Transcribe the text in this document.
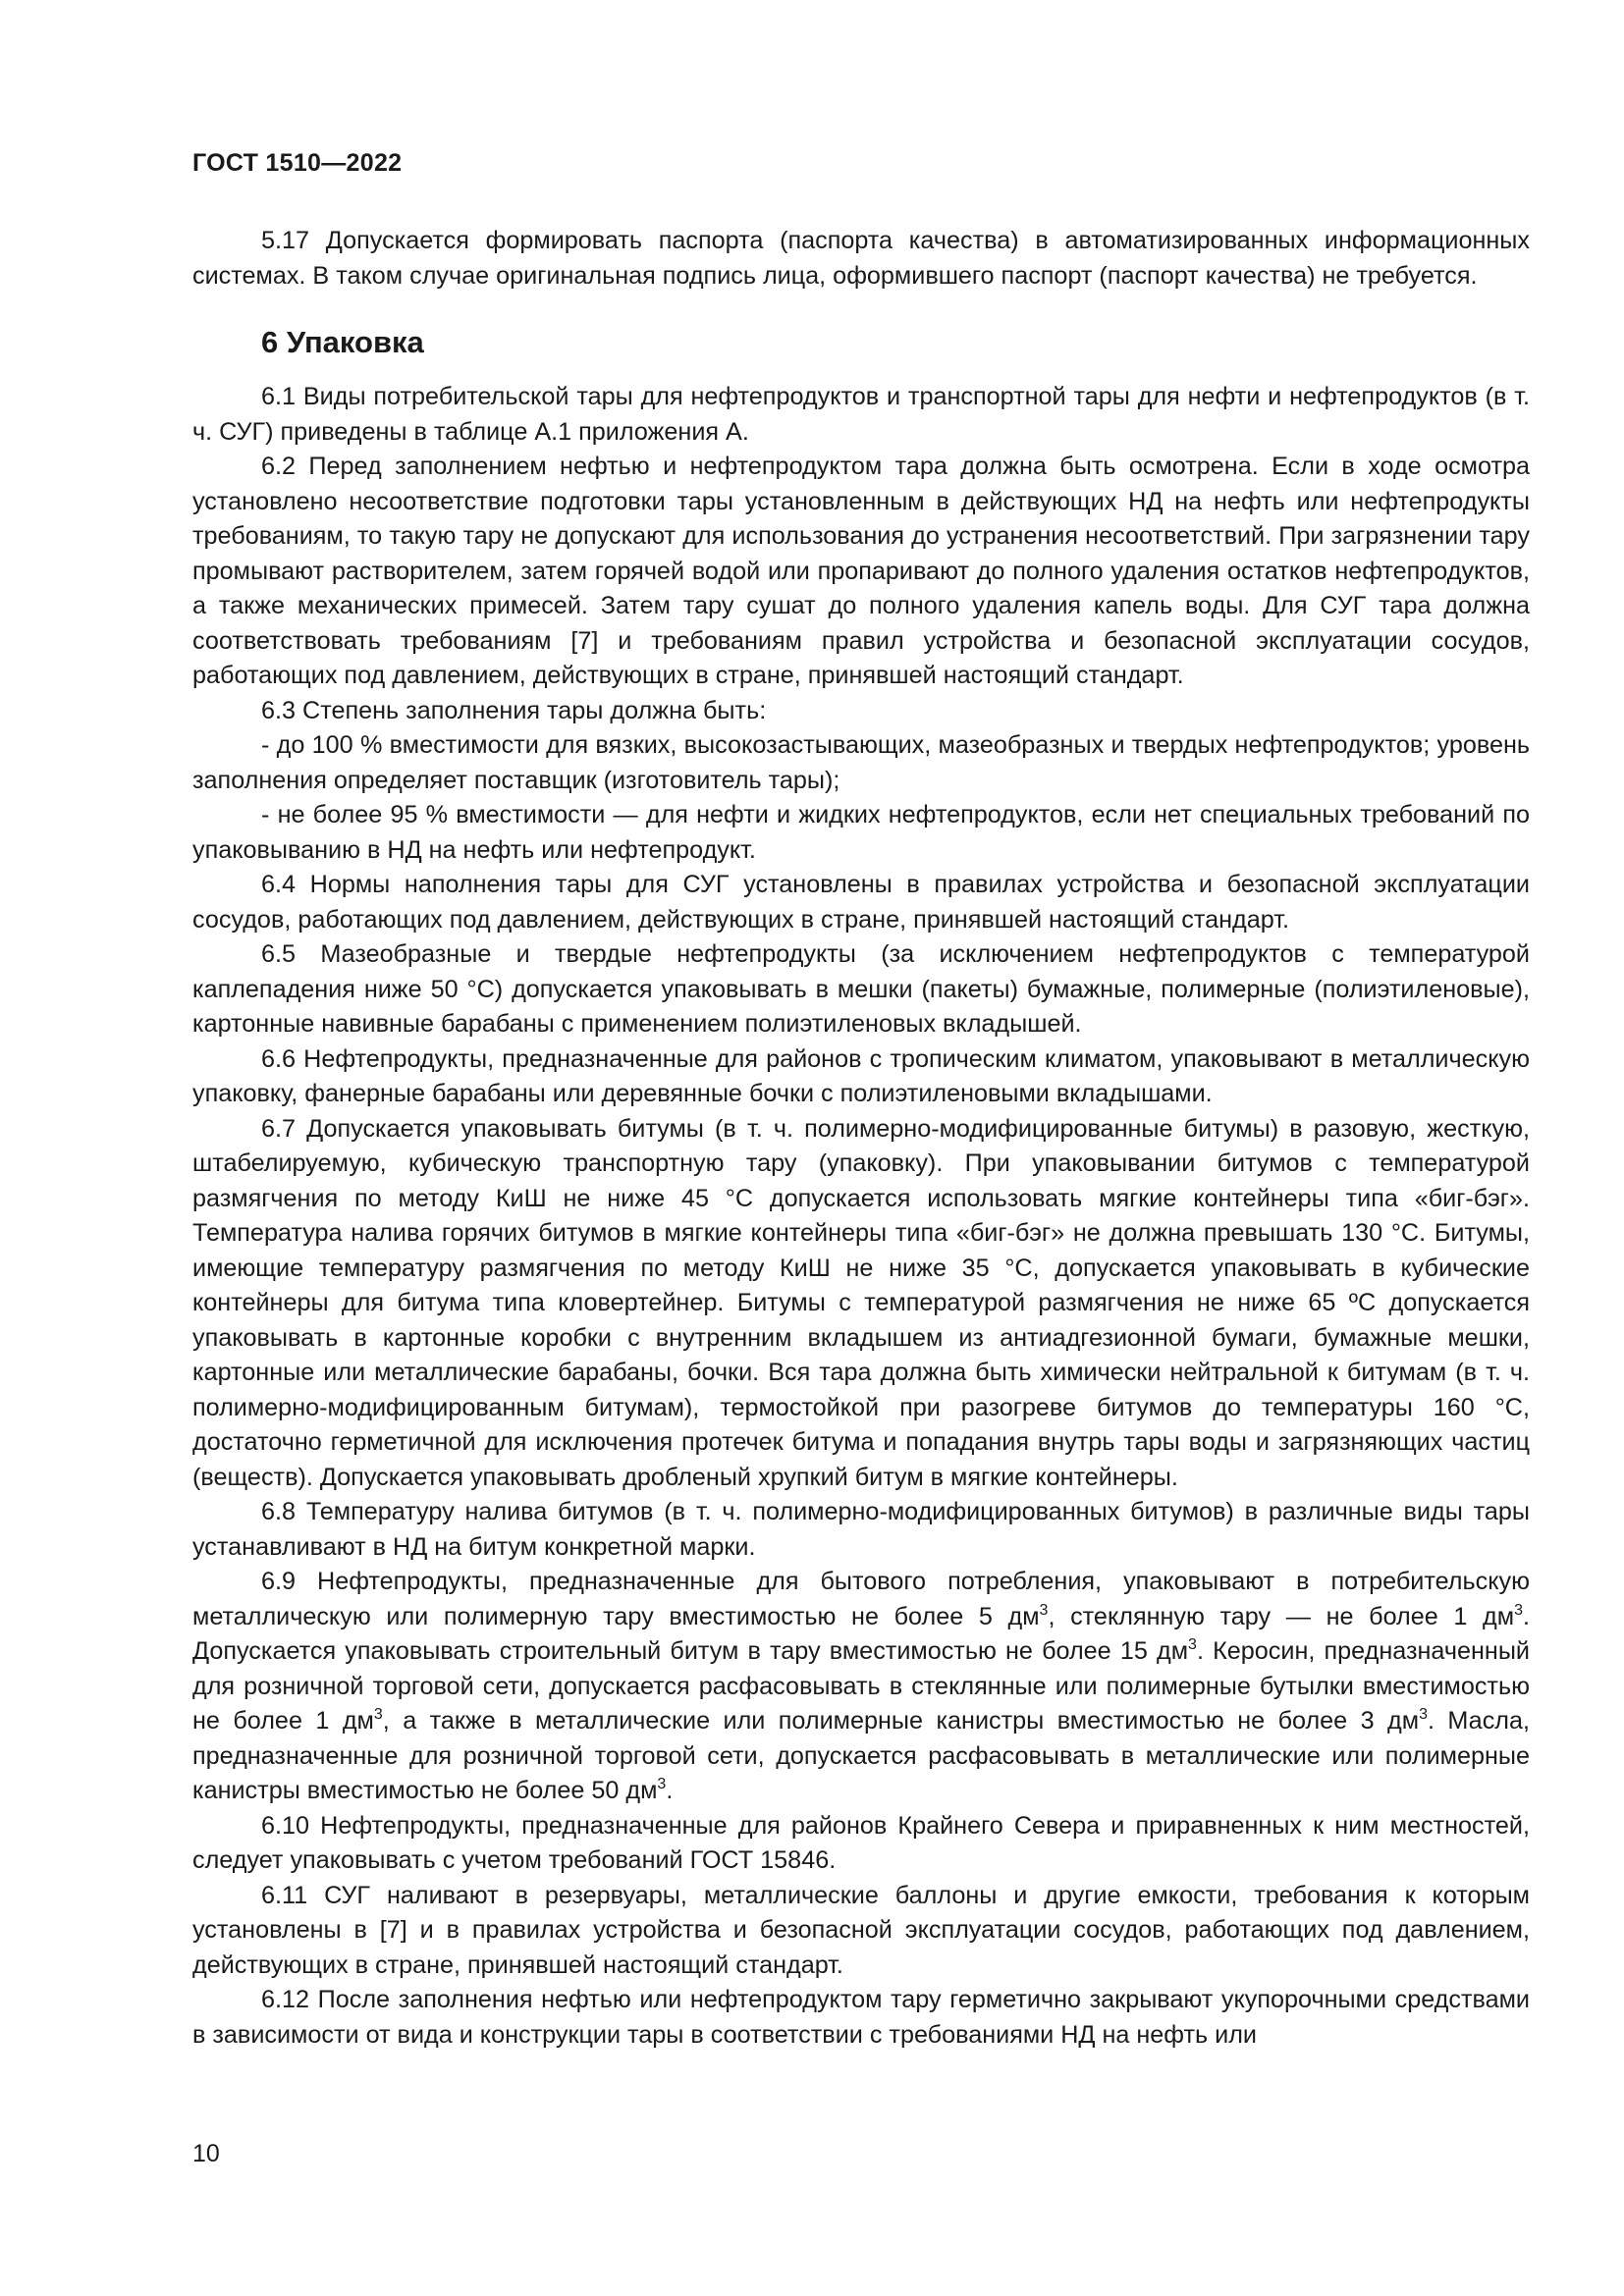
ГОСТ 1510—2022

5.17 Допускается формировать паспорта (паспорта качества) в автоматизированных информационных системах. В таком случае оригинальная подпись лица, оформившего паспорт (паспорт качества) не требуется.

6 Упаковка

6.1 Виды потребительской тары для нефтепродуктов и транспортной тары для нефти и нефтепродуктов (в т. ч. СУГ) приведены в таблице А.1 приложения А.

6.2 Перед заполнением нефтью и нефтепродуктом тара должна быть осмотрена. Если в ходе осмотра установлено несоответствие подготовки тары установленным в действующих НД на нефть или нефтепродукты требованиям, то такую тару не допускают для использования до устранения несоответствий. При загрязнении тару промывают растворителем, затем горячей водой или пропаривают до полного удаления остатков нефтепродуктов, а также механических примесей. Затем тару сушат до полного удаления капель воды. Для СУГ тара должна соответствовать требованиям [7] и требованиям правил устройства и безопасной эксплуатации сосудов, работающих под давлением, действующих в стране, принявшей настоящий стандарт.

6.3 Степень заполнения тары должна быть:

- до 100 % вместимости для вязких, высокозастывающих, мазеобразных и твердых нефтепродуктов; уровень заполнения определяет поставщик (изготовитель тары);

- не более 95 % вместимости — для нефти и жидких нефтепродуктов, если нет специальных требований по упаковыванию в НД на нефть или нефтепродукт.

6.4 Нормы наполнения тары для СУГ установлены в правилах устройства и безопасной эксплуатации сосудов, работающих под давлением, действующих в стране, принявшей настоящий стандарт.

6.5 Мазеобразные и твердые нефтепродукты (за исключением нефтепродуктов с температурой каплепадения ниже 50 °С) допускается упаковывать в мешки (пакеты) бумажные, полимерные (полиэтиленовые), картонные навивные барабаны с применением полиэтиленовых вкладышей.

6.6 Нефтепродукты, предназначенные для районов с тропическим климатом, упаковывают в металлическую упаковку, фанерные барабаны или деревянные бочки с полиэтиленовыми вкладышами.

6.7 Допускается упаковывать битумы (в т. ч. полимерно-модифицированные битумы) в разовую, жесткую, штабелируемую, кубическую транспортную тару (упаковку). При упаковывании битумов с температурой размягчения по методу КиШ не ниже 45 °С допускается использовать мягкие контейнеры типа «биг-бэг». Температура налива горячих битумов в мягкие контейнеры типа «биг-бэг» не должна превышать 130 °С. Битумы, имеющие температуру размягчения по методу КиШ не ниже 35 °С, допускается упаковывать в кубические контейнеры для битума типа кловертейнер. Битумы с температурой размягчения не ниже 65 ºС допускается упаковывать в картонные коробки с внутренним вкладышем из антиадгезионной бумаги, бумажные мешки, картонные или металлические барабаны, бочки. Вся тара должна быть химически нейтральной к битумам (в т. ч. полимерно-модифицированным битумам), термостойкой при разогреве битумов до температуры 160 °С, достаточно герметичной для исключения протечек битума и попадания внутрь тары воды и загрязняющих частиц (веществ). Допускается упаковывать дробленый хрупкий битум в мягкие контейнеры.

6.8 Температуру налива битумов (в т. ч. полимерно-модифицированных битумов) в различные виды тары устанавливают в НД на битум конкретной марки.

6.9 Нефтепродукты, предназначенные для бытового потребления, упаковывают в потребительскую металлическую или полимерную тару вместимостью не более 5 $дм^3$, стеклянную тару — не более 1 $дм^3$. Допускается упаковывать строительный битум в тару вместимостью не более 15 $дм^3$. Керосин, предназначенный для розничной торговой сети, допускается расфасовывать в стеклянные или полимерные бутылки вместимостью не более 1 $дм^3$, а также в металлические или полимерные канистры вместимостью не более 3 $дм^3$. Масла, предназначенные для розничной торговой сети, допускается расфасовывать в металлические или полимерные канистры вместимостью не более 50 $дм^3$.

6.10 Нефтепродукты, предназначенные для районов Крайнего Севера и приравненных к ним местностей, следует упаковывать с учетом требований ГОСТ 15846.

6.11 СУГ наливают в резервуары, металлические баллоны и другие емкости, требования к которым установлены в [7] и в правилах устройства и безопасной эксплуатации сосудов, работающих под давлением, действующих в стране, принявшей настоящий стандарт.

6.12 После заполнения нефтью или нефтепродуктом тару герметично закрывают укупорочными средствами в зависимости от вида и конструкции тары в соответствии с требованиями НД на нефть или

10
